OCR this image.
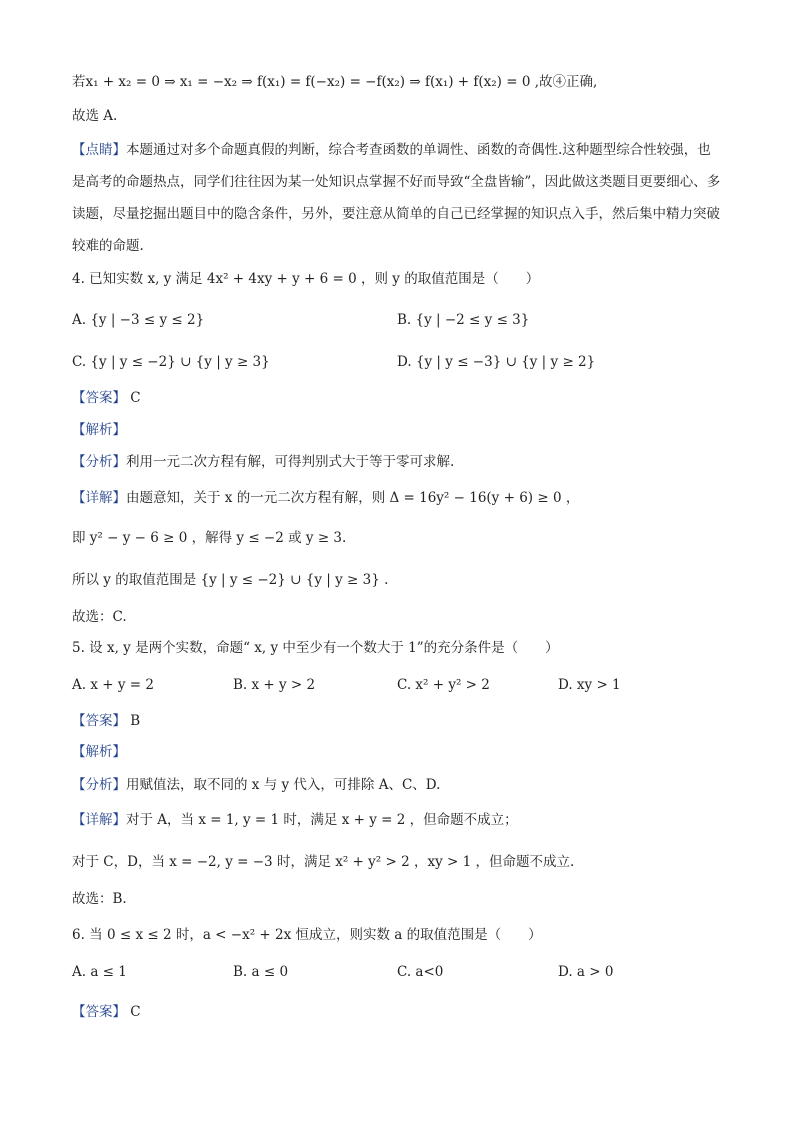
若x₁ + x₂ = 0 ⇒ x₁ = −x₂ ⇒ f(x₁) = f(−x₂) = −f(x₂) ⇒ f(x₁) + f(x₂) = 0 ,故④正确,
故选 A.
【点睛】本题通过对多个命题真假的判断，综合考查函数的单调性、函数的奇偶性.这种题型综合性较强，也是高考的命题热点，同学们往往因为某一处知识点掌握不好而导致“全盘皆输”，因此做这类题目更要细心、多读题，尽量挖掘出题目中的隐含条件，另外，要注意从简单的自己已经掌握的知识点入手，然后集中精力突破较难的命题.
4. 已知实数 x, y 满足 4x² + 4xy + y + 6 = 0 ，则 y 的取值范围是（　　）
A. {y | −3 ≤ y ≤ 2}	B. {y | −2 ≤ y ≤ 3}
C. {y | y ≤ −2} ∪ {y | y ≥ 3}	D. {y | y ≤ −3} ∪ {y | y ≥ 2}
【答案】 C
【解析】
【分析】利用一元二次方程有解，可得判别式大于等于零可求解.
【详解】由题意知，关于 x 的一元二次方程有解，则 Δ = 16y² − 16(y + 6) ≥ 0 ，
即 y² − y − 6 ≥ 0 ，解得 y ≤ −2 或 y ≥ 3.
所以 y 的取值范围是 {y | y ≤ −2} ∪ {y | y ≥ 3} .
故选：C.
5. 设 x, y 是两个实数，命题“ x, y 中至少有一个数大于 1”的充分条件是（　　）
A. x + y = 2	B. x + y > 2	C. x² + y² > 2	D. xy > 1
【答案】 B
【解析】
【分析】用赋值法，取不同的 x 与 y 代入，可排除 A、C、D.
【详解】对于 A，当 x = 1, y = 1 时，满足 x + y = 2 ，但命题不成立；
对于 C，D，当 x = −2, y = −3 时，满足 x² + y² > 2 ，xy > 1 ，但命题不成立.
故选：B.
6. 当 0 ≤ x ≤ 2 时，a < −x² + 2x 恒成立，则实数 a 的取值范围是（　　）
A. a ≤ 1	B. a ≤ 0	C. a<0	D. a > 0
【答案】 C
